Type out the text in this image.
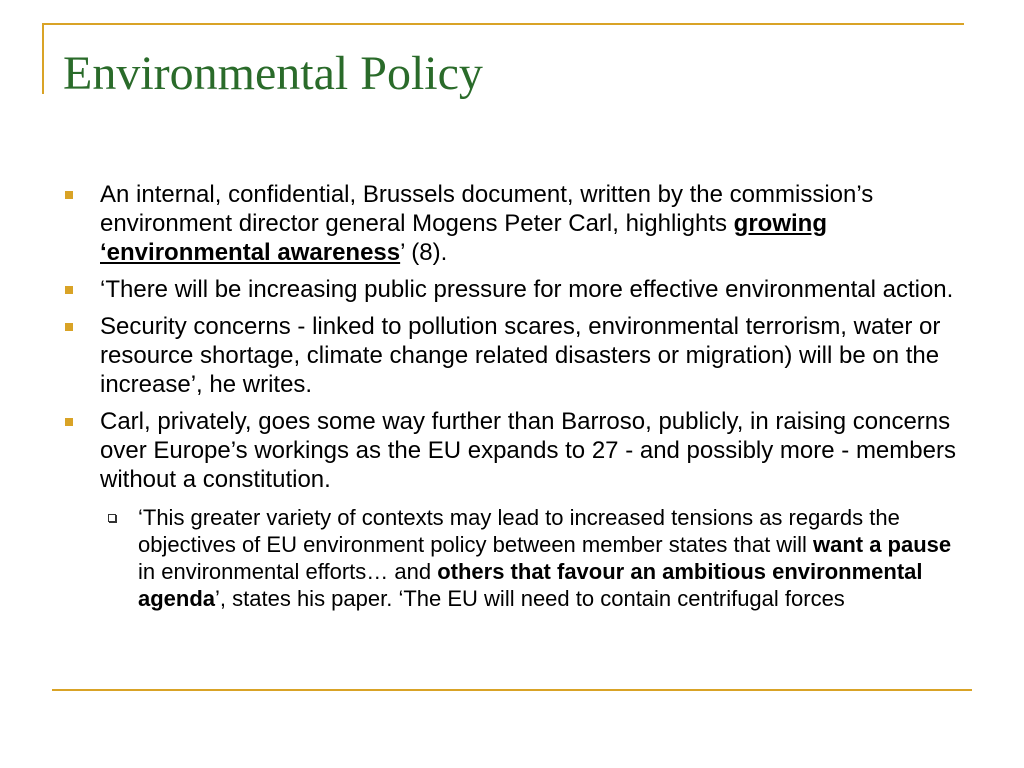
Environmental Policy
An internal, confidential, Brussels document, written by the commission’s environment director general Mogens Peter Carl, highlights growing ‘environmental awareness’ (8).
‘There will be increasing public pressure for more effective environmental action.
Security concerns - linked to pollution scares, environmental terrorism, water or resource shortage, climate change related disasters or migration) will be on the increase’, he writes.
Carl, privately, goes some way further than Barroso, publicly, in raising concerns over Europe’s workings as the EU expands to 27 - and possibly more - members without a constitution.
‘This greater variety of contexts may lead to increased tensions as regards the objectives of EU environment policy between member states that will want a pause in environmental efforts… and others that favour an ambitious environmental agenda’, states his paper. ‘The EU will need to contain centrifugal forces
